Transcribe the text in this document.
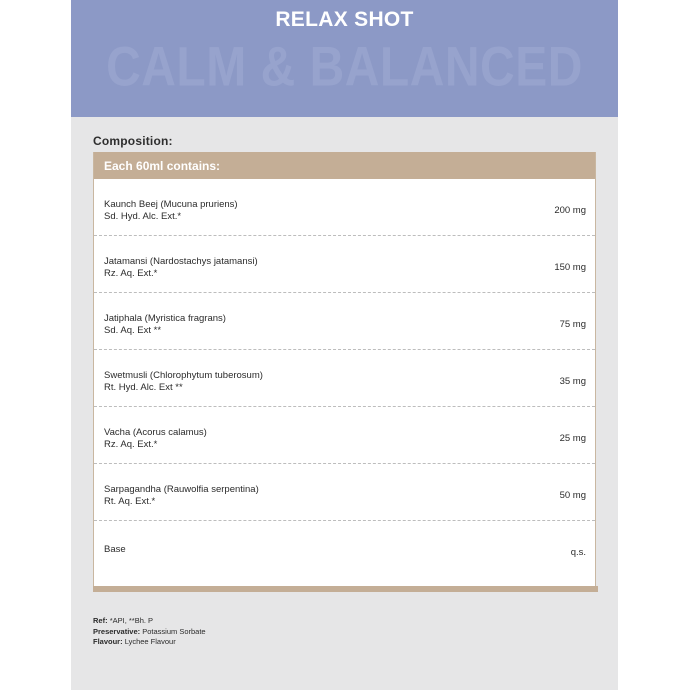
RELAX SHOT
CALM & BALANCED
Composition:
Each 60ml contains:
Kaunch Beej (Mucuna pruriens)
Sd. Hyd. Alc. Ext.*	200 mg
Jatamansi (Nardostachys jatamansi)
Rz. Aq. Ext.*	150 mg
Jatiphala (Myristica fragrans)
Sd. Aq. Ext **	75 mg
Swetmusli (Chlorophytum tuberosum)
Rt. Hyd. Alc. Ext **	35 mg
Vacha (Acorus calamus)
Rz. Aq. Ext.*	25 mg
Sarpagandha (Rauwolfia serpentina)
Rt. Aq. Ext.*	50 mg
Base	q.s.
Ref: *API, **Bh. P
Preservative: Potassium Sorbate
Flavour: Lychee Flavour
